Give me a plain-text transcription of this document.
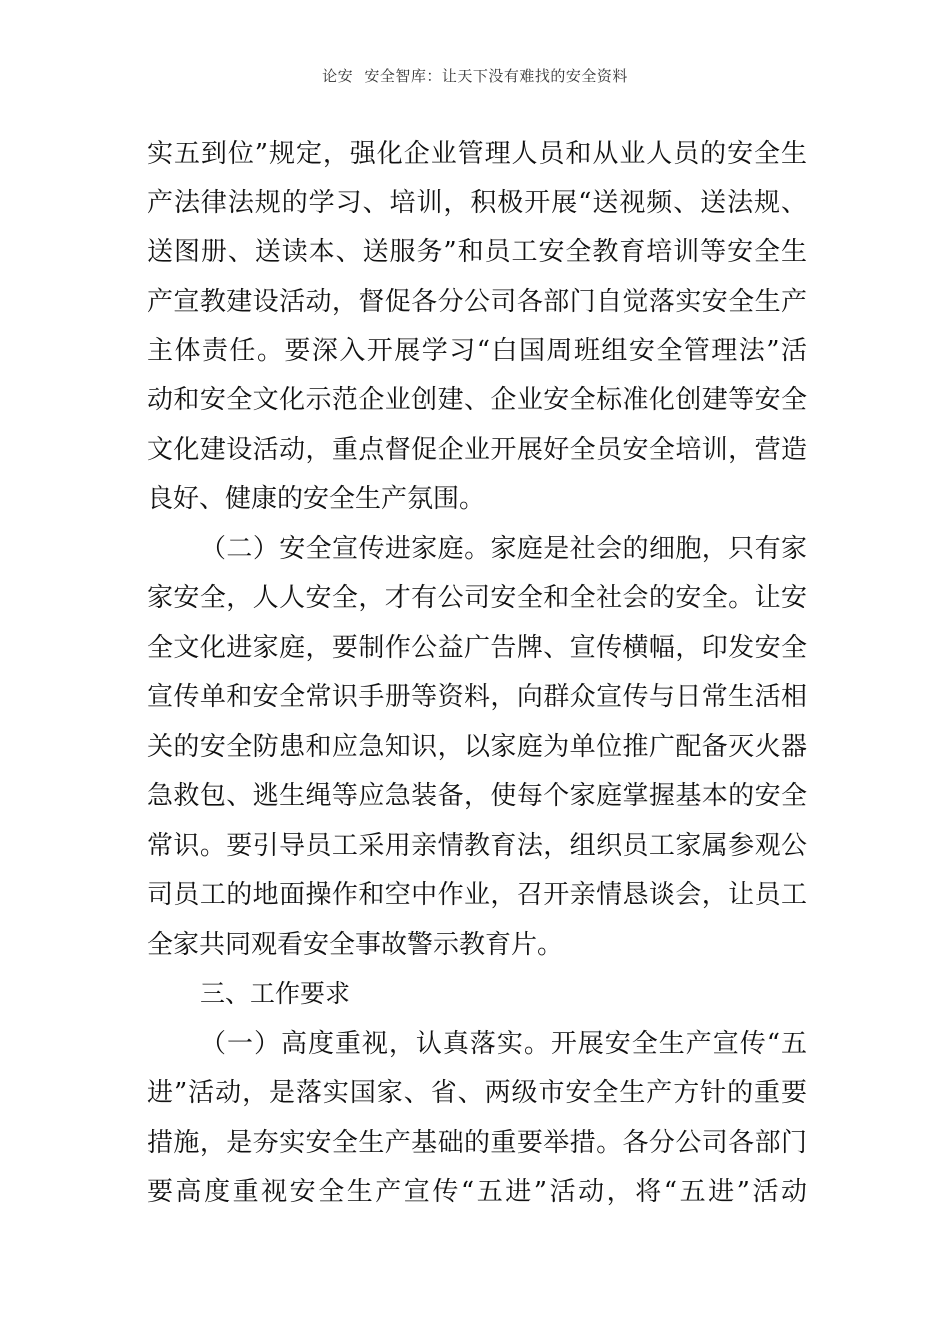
论安 安全智库：让天下没有难找的安全资料
实五到位”规定，强化企业管理人员和从业人员的安全生
产法律法规的学习、培训，积极开展“送视频、送法规、
送图册、送读本、送服务”和员工安全教育培训等安全生
产宣教建设活动，督促各分公司各部门自觉落实安全生产
主体责任。要深入开展学习“白国周班组安全管理法”活
动和安全文化示范企业创建、企业安全标准化创建等安全
文化建设活动，重点督促企业开展好全员安全培训，营造
良好、健康的安全生产氛围。
（二）安全宣传进家庭。家庭是社会的细胞，只有家
家安全，人人安全，才有公司安全和全社会的安全。让安
全文化进家庭，要制作公益广告牌、宣传横幅，印发安全
宣传单和安全常识手册等资料，向群众宣传与日常生活相
关的安全防患和应急知识，以家庭为单位推广配备灭火器
急救包、逃生绳等应急装备，使每个家庭掌握基本的安全
常识。要引导员工采用亲情教育法，组织员工家属参观公
司员工的地面操作和空中作业，召开亲情恳谈会，让员工
全家共同观看安全事故警示教育片。
三、工作要求
（一）高度重视，认真落实。开展安全生产宣传“五
进”活动，是落实国家、省、两级市安全生产方针的重要
措施，是夯实安全生产基础的重要举措。各分公司各部门
要高度重视安全生产宣传“五进”活动，将“五进”活动
